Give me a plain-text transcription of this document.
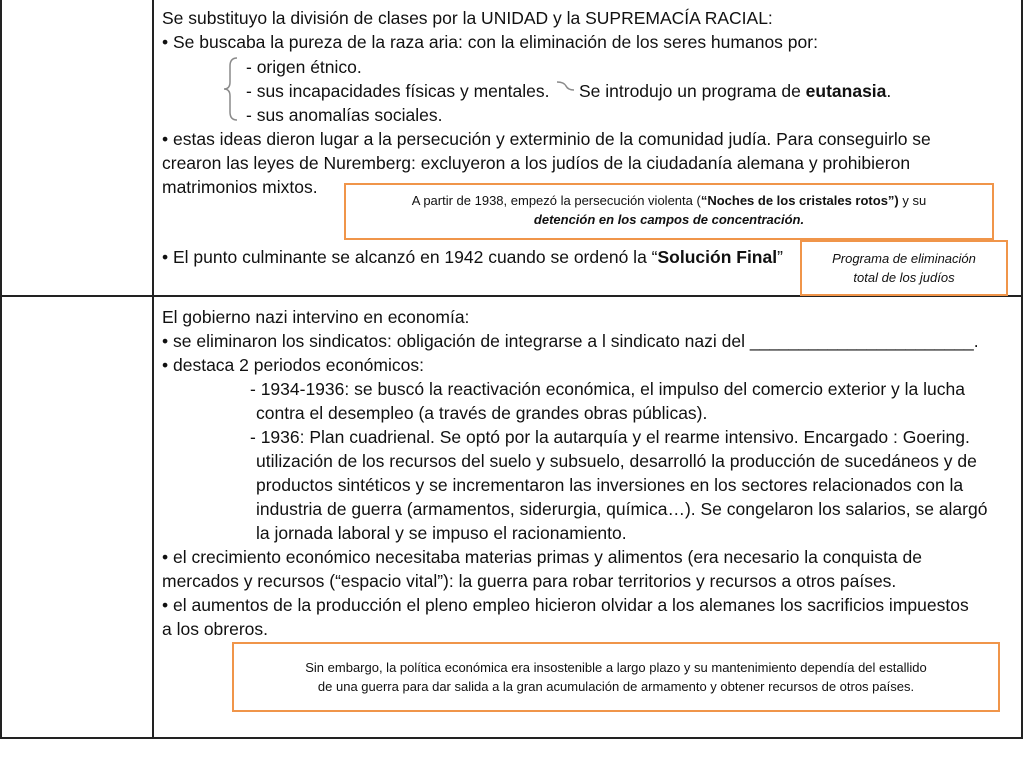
Se substituyo la división de clases por la UNIDAD y la SUPREMACÍA RACIAL:
• Se buscaba la pureza de la raza aria: con la eliminación de los seres humanos por:
- origen étnico.
- sus incapacidades físicas y mentales. Se introdujo un programa de eutanasia.
- sus anomalías sociales.
• estas ideas dieron lugar a la persecución y exterminio de la comunidad judía. Para conseguirlo se
crearon las leyes de Nuremberg: excluyeron a los judíos de la ciudadanía alemana y prohibieron
matrimonios mixtos.
• El punto culminante se alcanzó en 1942 cuando se ordenó la “Solución Final”
A partir de 1938, empezó la persecución violenta (“Noches de los cristales rotos”) y su
detención en los campos de concentración.
Programa de eliminación
total de los judíos
El gobierno nazi intervino en economía:
• se eliminaron los sindicatos: obligación de integrarse a l sindicato nazi del _______________________.
• destaca 2 periodos económicos:
- 1934-1936: se buscó la reactivación económica, el impulso del comercio exterior y la lucha
contra el desempleo (a través de grandes obras públicas).
- 1936: Plan cuadrienal. Se optó por la autarquía y el rearme intensivo. Encargado : Goering.
utilización de los recursos del suelo y subsuelo, desarrolló la producción de sucedáneos y de
productos sintéticos y se incrementaron las inversiones en los sectores relacionados con la
industria de guerra (armamentos, siderurgia, química…). Se congelaron los salarios, se alargó
la jornada laboral y se impuso el racionamiento.
• el crecimiento económico necesitaba materias primas y alimentos (era necesario la conquista de
mercados y recursos (“espacio vital”): la guerra para robar territorios y recursos a otros países.
• el aumentos de la producción el pleno empleo hicieron olvidar a los alemanes los sacrificios impuestos
a los obreros.
Sin embargo, la política económica era insostenible a largo plazo y su mantenimiento dependía del estallido
de una guerra para dar salida a la gran acumulación de armamento y obtener recursos de otros países.
